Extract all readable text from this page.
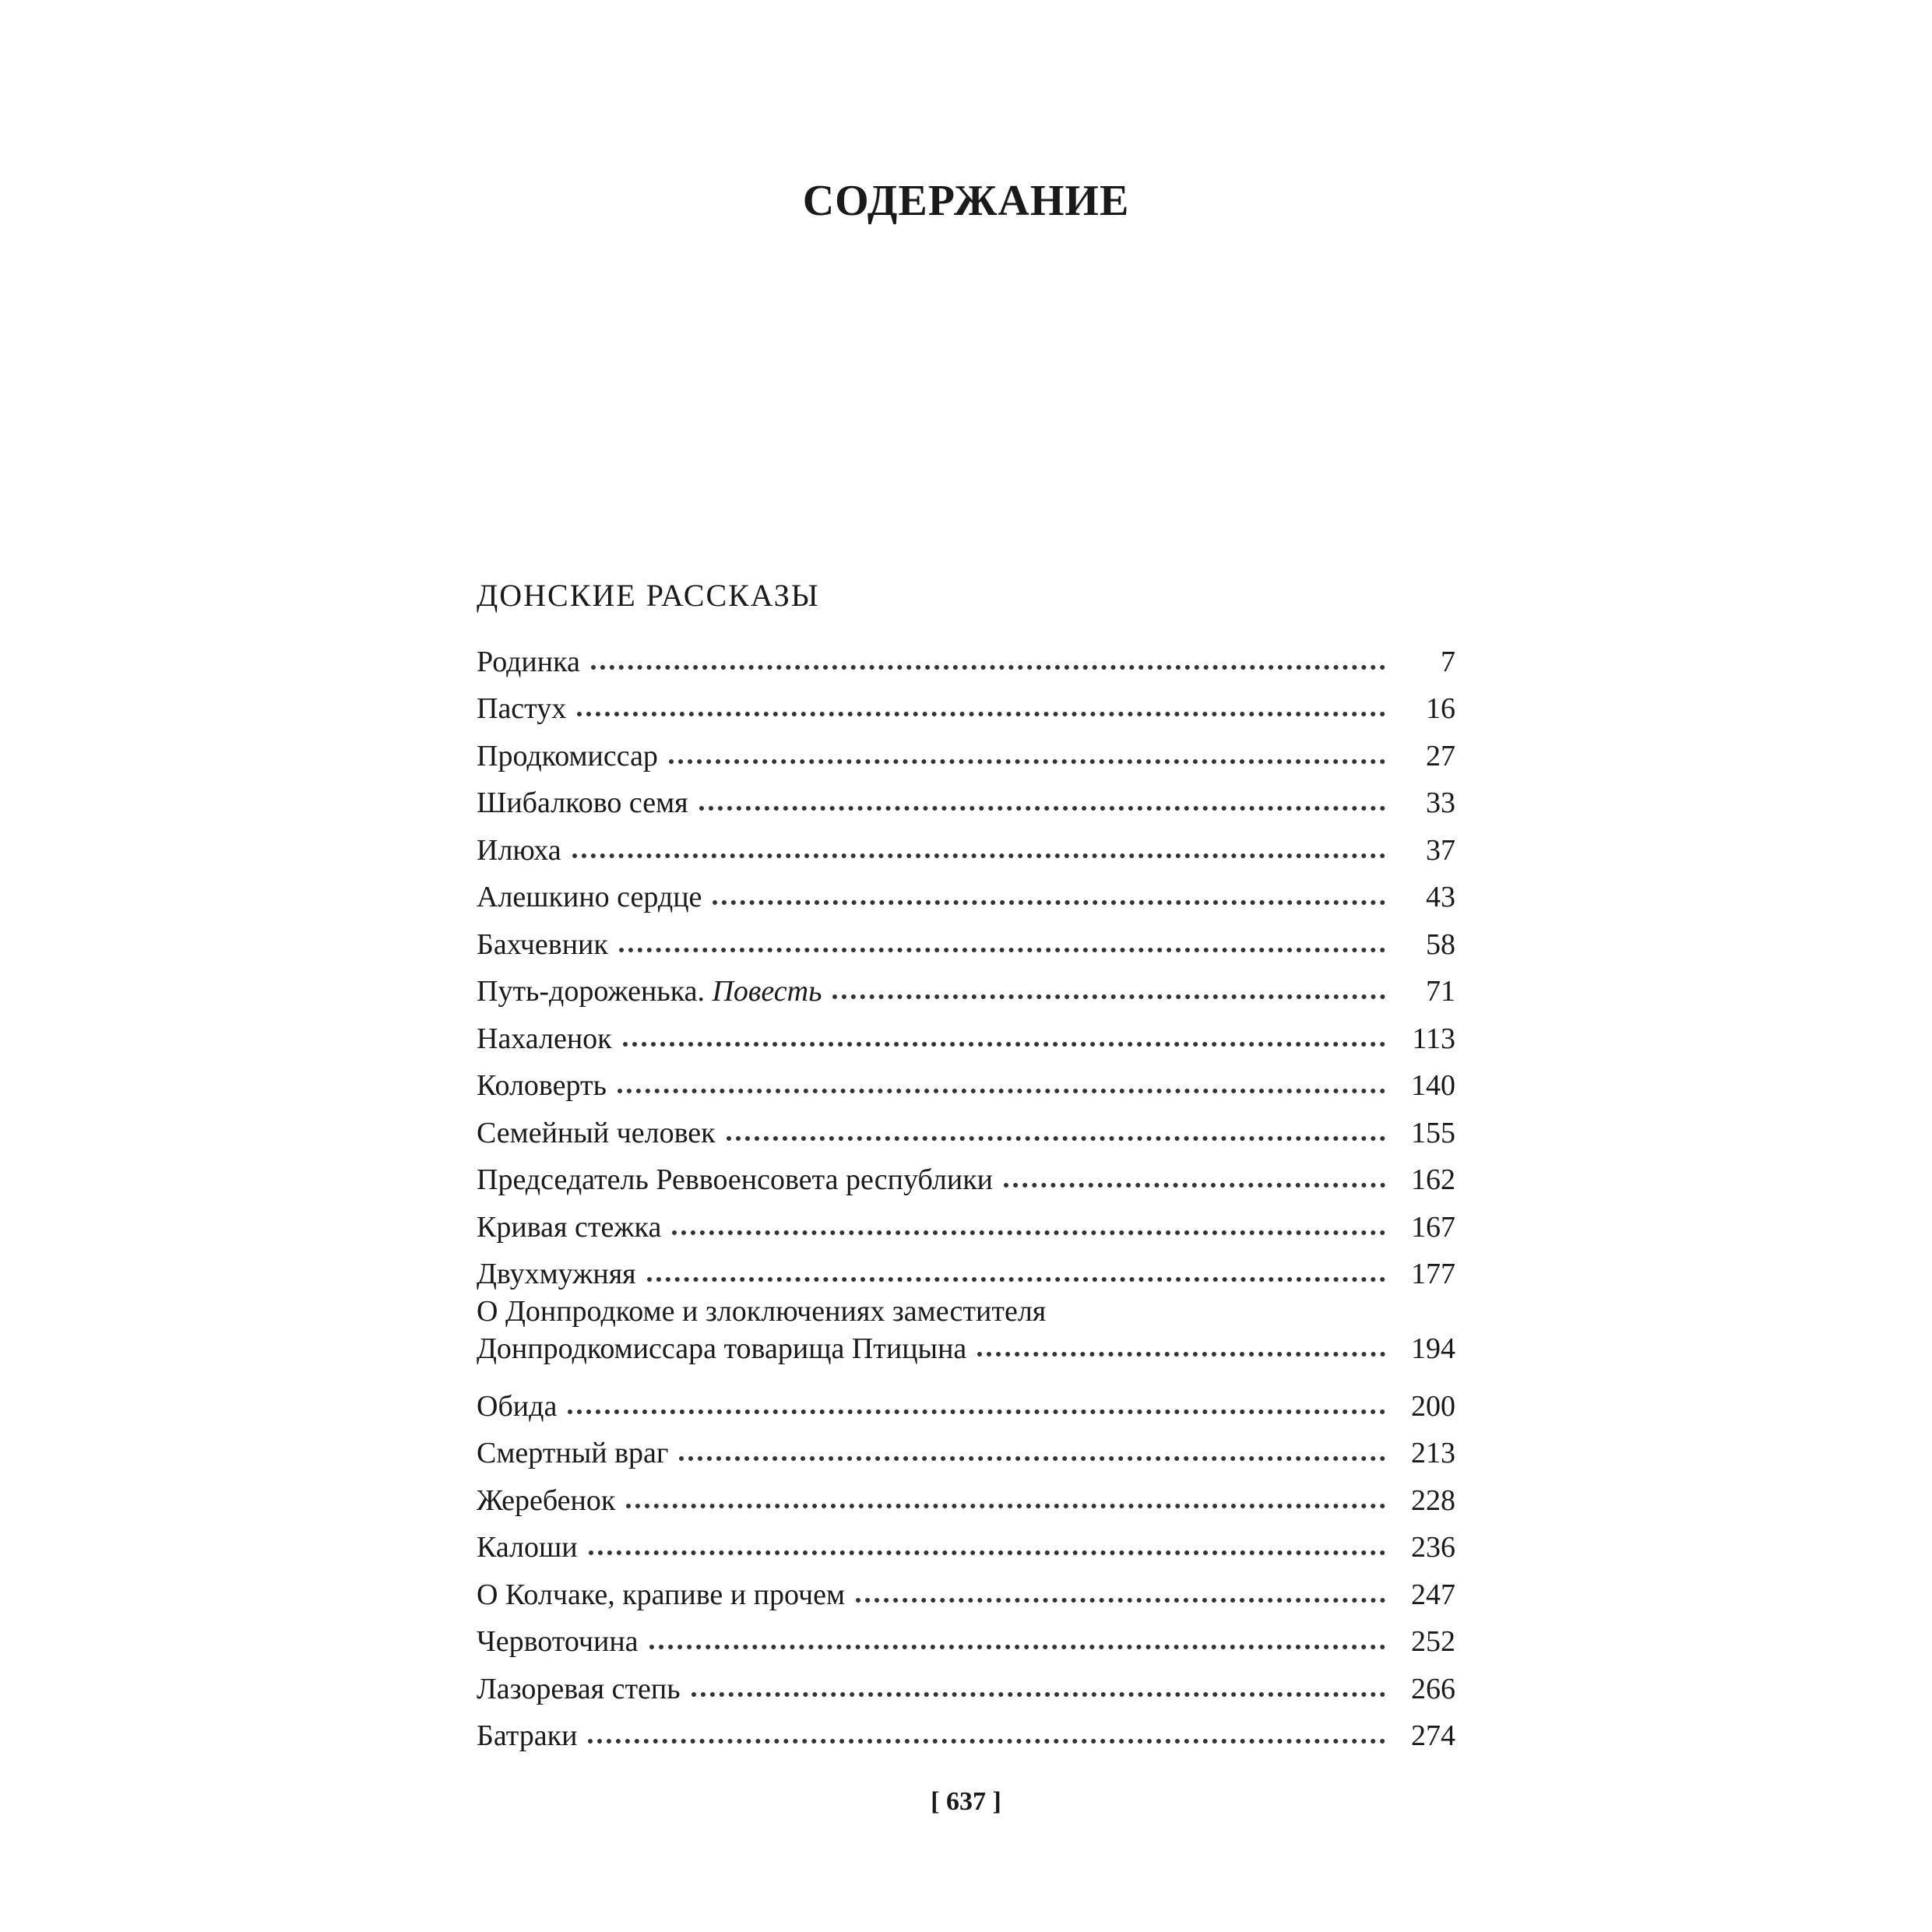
СОДЕРЖАНИЕ
ДОНСКИЕ РАССКАЗЫ
Родинка	7
Пастух	16
Продкомиссар	27
Шибалково семя	33
Илюха	37
Алешкино сердце	43
Бахчевник	58
Путь-дороженька. Повесть	71
Нахаленок	113
Коловерть	140
Семейный человек	155
Председатель Реввоенсовета республики	162
Кривая стежка	167
Двухмужняя	177
О Донпродкоме и злоключениях заместителя
Донпродкомиссара товарища Птицына	194
Обида	200
Смертный враг	213
Жеребенок	228
Калоши	236
О Колчаке, крапиве и прочем	247
Червоточина	252
Лазоревая степь	266
Батраки	274
[ 637 ]
